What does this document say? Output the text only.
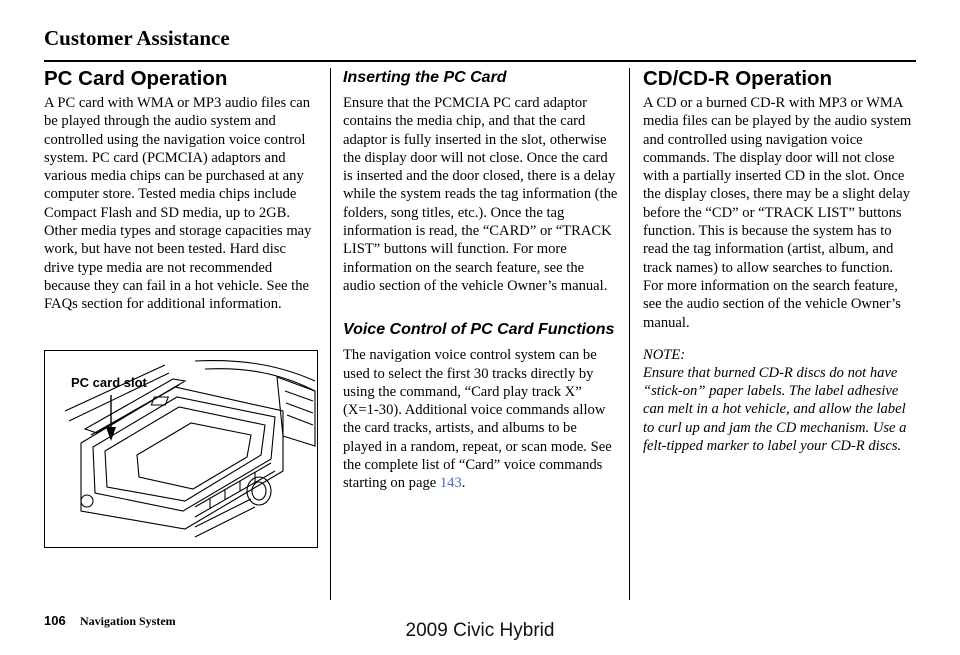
Customer Assistance
PC Card Operation

A PC card with WMA or MP3 audio files can be played through the audio system and controlled using the navigation voice control system. PC card (PCMCIA) adaptors and various media chips can be purchased at any computer store. Tested media chips include Compact Flash and SD media, up to 2GB. Other media types and storage capacities may work, but have not been tested. Hard disc drive type media are not recommended because they can fail in a hot vehicle. See the FAQs section for additional information.

PC card slot
Inserting the PC Card

Ensure that the PCMCIA PC card adaptor contains the media chip, and that the card adaptor is fully inserted in the slot, otherwise the display door will not close. Once the card is inserted and the door closed, there is a delay while the system reads the tag information (the folders, song titles, etc.). Once the tag information is read, the “CARD” or “TRACK LIST” buttons will function. For more information on the search feature, see the audio section of the vehicle Owner’s manual.

Voice Control of PC Card Functions

The navigation voice control system can be used to select the first 30 tracks directly by using the command, “Card play track X” (X=1-30). Additional voice commands allow the card tracks, artists, and albums to be played in a random, repeat, or scan mode. See the complete list of “Card” voice commands starting on page 143.

CD/CD-R Operation

A CD or a burned CD-R with MP3 or WMA media files can be played by the audio system and controlled using navigation voice commands. The display door will not close with a partially inserted CD in the slot. Once the display closes, there may be a slight delay before the “CD” or “TRACK LIST” buttons function. This is because the system has to read the tag information (artist, album, and track names) to allow searches to function. For more information on the search feature, see the audio section of the vehicle Owner’s manual.

NOTE:

Ensure that burned CD-R discs do not have “stick-on” paper labels. The label adhesive can melt in a hot vehicle, and allow the label to curl up and jam the CD mechanism. Use a felt-tipped marker to label your CD-R discs.

106 Navigation System	2009 Civic Hybrid
